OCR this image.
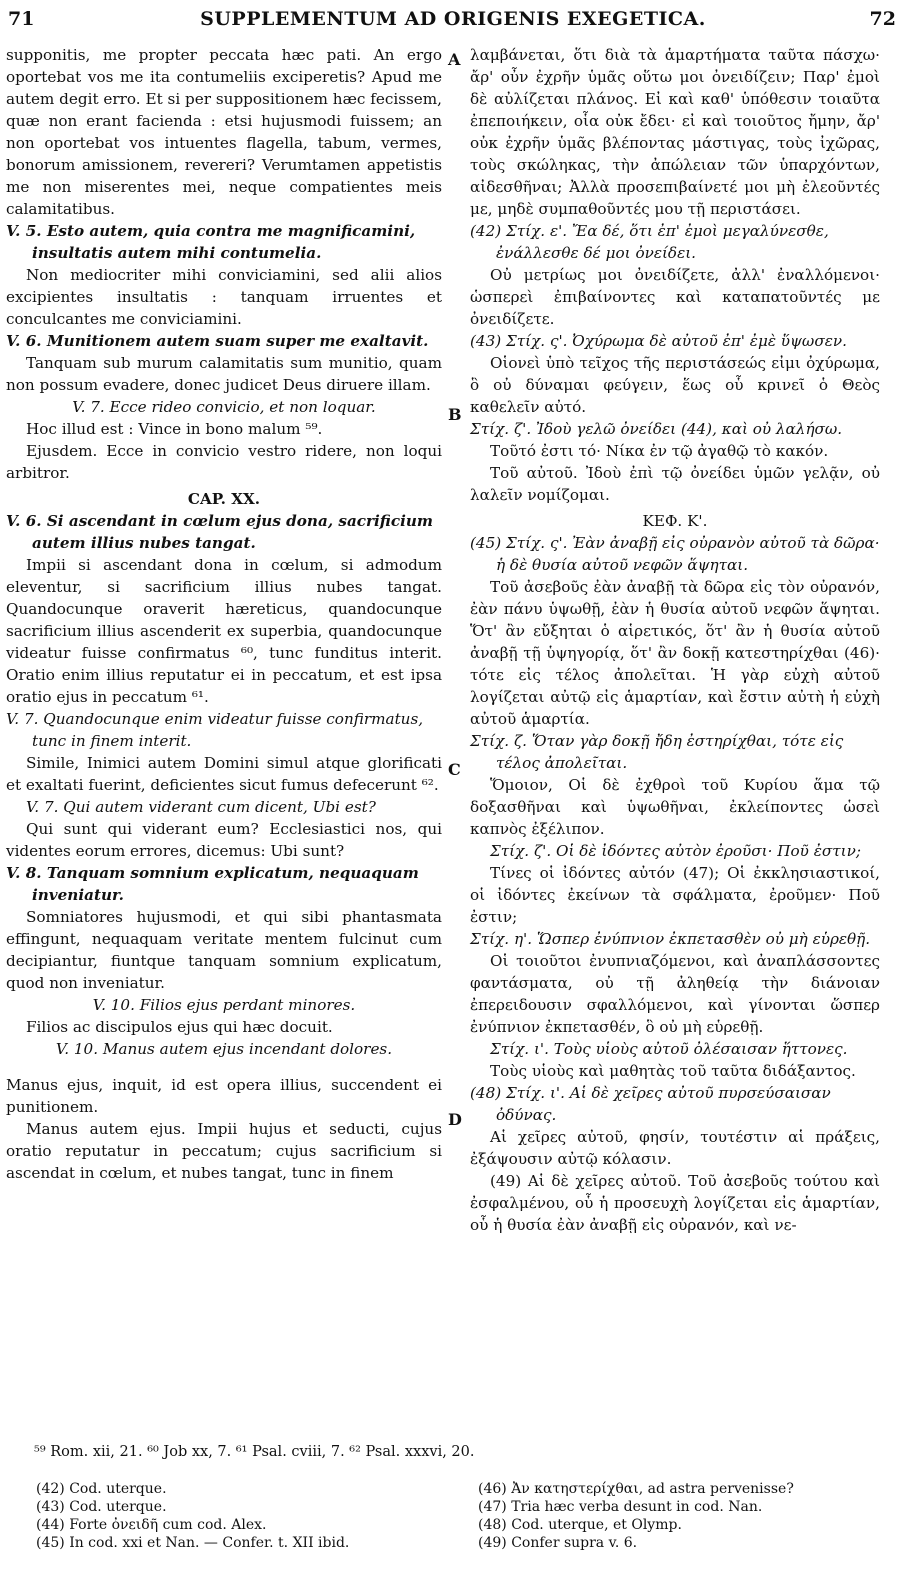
71	SUPPLEMENTUM AD ORIGENIS EXEGETICA.	72
A
B
C
D

supponitis, me propter peccata hæc pati. An ergo oportebat vos me ita contumeliis exciperetis? Apud me autem degit erro. Et si per suppositionem hæc fecissem, quæ non erant facienda : etsi hujusmodi fuissem; an non oportebat vos intuentes flagella, tabum, vermes, bonorum amissionem, revereri? Verumtamen appetistis me non miserentes mei, neque compatientes meis calamitatibus.

V. 5. Esto autem, quia contra me magnificamini, insultatis autem mihi contumelia.

Non mediocriter mihi conviciamini, sed alii alios excipientes insultatis : tanquam irruentes et conculcantes me conviciamini.

V. 6. Munitionem autem suam super me exaltavit.

Tanquam sub murum calamitatis sum munitio, quam non possum evadere, donec judicet Deus diruere illam.

V. 7. Ecce rideo convicio, et non loquar.

Hoc illud est : Vince in bono malum ⁵⁹.

Ejusdem. Ecce in convicio vestro ridere, non loqui arbitror.

CAP. XX.

V. 6. Si ascendant in cœlum ejus dona, sacrificium autem illius nubes tangat.

Impii si ascendant dona in cœlum, si admodum eleventur, si sacrificium illius nubes tangat. Quandocunque oraverit hæreticus, quandocunque sacrificium illius ascenderit ex superbia, quandocunque videatur fuisse confirmatus ⁶⁰, tunc funditus interit. Oratio enim illius reputatur ei in peccatum, et est ipsa oratio ejus in peccatum ⁶¹.

V. 7. Quandocunque enim videatur fuisse confirmatus, tunc in finem interit.

Simile, Inimici autem Domini simul atque glorificati et exaltati fuerint, deficientes sicut fumus defecerunt ⁶².

V. 7. Qui autem viderant cum dicent, Ubi est?

Qui sunt qui viderant eum? Ecclesiastici nos, qui videntes eorum errores, dicemus: Ubi sunt?

V. 8. Tanquam somnium explicatum, nequaquam inveniatur.

Somniatores hujusmodi, et qui sibi phantasmata effingunt, nequaquam veritate mentem fulcinut cum decipiantur, fiuntque tanquam somnium explicatum, quod non inveniatur.

V. 10. Filios ejus perdant minores.

Filios ac discipulos ejus qui hæc docuit.

V. 10. Manus autem ejus incendant dolores.

Manus ejus, inquit, id est opera illius, succendent ei punitionem.

Manus autem ejus. Impii hujus et seducti, cujus oratio reputatur in peccatum; cujus sacrificium si ascendat in cœlum, et nubes tangat, tunc in finem

λαμβάνεται, ὅτι διὰ τὰ ἁμαρτήματα ταῦτα πάσχω· ἄρ' οὖν ἐχρῆν ὑμᾶς οὕτω μοι ὀνειδίζειν; Παρ' ἐμοὶ δὲ αὐλίζεται πλάνος. Εἰ καὶ καθ' ὑπόθεσιν τοιαῦτα ἐπεποιήκειν, οἷα οὐκ ἔδει· εἰ καὶ τοιοῦτος ἤμην, ἄρ' οὐκ ἐχρῆν ὑμᾶς βλέποντας μάστιγας, τοὺς ἰχῶρας, τοὺς σκώληκας, τὴν ἀπώλειαν τῶν ὑπαρχόντων, αἰδεσθῆναι; Ἀλλὰ προσεπιβαίνετέ μοι μὴ ἐλεοῦντές με, μηδὲ συμπαθοῦντές μου τῇ περιστάσει.

(42) Στίχ. ε'. Ἔα δέ, ὅτι ἐπ' ἐμοὶ μεγαλύνεσθε, ἐνάλλεσθε δέ μοι ὀνείδει.

Οὐ μετρίως μοι ὀνειδίζετε, ἀλλ' ἐναλλόμενοι· ὡσπερεὶ ἐπιβαίνοντες καὶ καταπατοῦντές με ὀνειδίζετε.

(43) Στίχ. ς'. Ὀχύρωμα δὲ αὐτοῦ ἐπ' ἐμὲ ὕψωσεν.

Οἱονεὶ ὑπὸ τεῖχος τῆς περιστάσεώς εἰμι ὀχύρωμα, ὃ οὐ δύναμαι φεύγειν, ἕως οὗ κρινεῖ ὁ Θεὸς καθελεῖν αὐτό.

Στίχ. ζ'. Ἰδοὺ γελῶ ὀνείδει (44), καὶ οὐ λαλήσω.

Τοῦτό ἐστι τό· Νίκα ἐν τῷ ἀγαθῷ τὸ κακόν.

Τοῦ αὐτοῦ. Ἰδοὺ ἐπὶ τῷ ὀνείδει ὑμῶν γελᾷν, οὐ λαλεῖν νομίζομαι.

ΚΕΦ. Κ'.

(45) Στίχ. ς'. Ἐὰν ἀναβῇ εἰς οὐρανὸν αὐτοῦ τὰ δῶρα· ἡ δὲ θυσία αὐτοῦ νεφῶν ἅψηται.

Τοῦ ἀσεβοῦς ἐὰν ἀναβῇ τὰ δῶρα εἰς τὸν οὐρανόν, ἐὰν πάνυ ὑψωθῇ, ἐὰν ἡ θυσία αὐτοῦ νεφῶν ἅψηται. Ὅτ' ἂν εὔξηται ὁ αἱρετικός, ὅτ' ἂν ἡ θυσία αὐτοῦ ἀναβῇ τῇ ὑψηγορίᾳ, ὅτ' ἂν δοκῇ κατεστηρίχθαι (46)· τότε εἰς τέλος ἀπολεῖται. Ἡ γὰρ εὐχὴ αὐτοῦ λογίζεται αὐτῷ εἰς ἁμαρτίαν, καὶ ἔστιν αὐτὴ ἡ εὐχὴ αὐτοῦ ἁμαρτία.

Στίχ. ζ. Ὅταν γὰρ δοκῇ ἤδη ἐστηρίχθαι, τότε εἰς τέλος ἀπολεῖται.

Ὅμοιον, Οἱ δὲ ἐχθροὶ τοῦ Κυρίου ἅμα τῷ δοξασθῆναι καὶ ὑψωθῆναι, ἐκλείποντες ὡσεὶ καπνὸς ἐξέλιπον.

Στίχ. ζ'. Οἱ δὲ ἰδόντες αὐτὸν ἐροῦσι· Ποῦ ἐστιν;

Τίνες οἱ ἰδόντες αὐτόν (47); Οἱ ἐκκλησιαστικοί, οἱ ἰδόντες ἐκείνων τὰ σφάλματα, ἐροῦμεν· Ποῦ ἐστιν;

Στίχ. η'. Ὥσπερ ἐνύπνιον ἐκπετασθὲν οὐ μὴ εὑρεθῇ.

Οἱ τοιοῦτοι ἐνυπνιαζόμενοι, καὶ ἀναπλάσσοντες φαντάσματα, οὐ τῇ ἀληθείᾳ τὴν διάνοιαν ἐπερειδουσιν σφαλλόμενοι, καὶ γίνονται ὥσπερ ἐνύπνιον ἐκπετασθέν, ὃ οὐ μὴ εὑρεθῇ.

Στίχ. ι'. Τοὺς υἱοὺς αὐτοῦ ὀλέσαισαν ἥττονες.

Τοὺς υἱοὺς καὶ μαθητὰς τοῦ ταῦτα διδάξαντος.

(48) Στίχ. ι'. Αἱ δὲ χεῖρες αὐτοῦ πυρσεύσαισαν ὀδύνας.

Αἱ χεῖρες αὐτοῦ, φησίν, τουτέστιν αἱ πράξεις, ἐξάψουσιν αὐτῷ κόλασιν.

(49) Αἱ δὲ χεῖρες αὐτοῦ. Τοῦ ἀσεβοῦς τούτου καὶ ἐσφαλμένου, οὗ ἡ προσευχὴ λογίζεται εἰς ἁμαρτίαν, οὗ ἡ θυσία ἐὰν ἀναβῇ εἰς οὐρανόν, καὶ νε-

⁵⁹ Rom. xii, 21. ⁶⁰ Job xx, 7. ⁶¹ Psal. cviii, 7. ⁶² Psal. xxxvi, 20.
(42) Cod. uterque.
(43) Cod. uterque.
(44) Forte ὀνειδῆ cum cod. Alex.
(45) In cod. xxi et Nan. — Confer. t. XII ibid.
(46) Ἀν κατηστερίχθαι, ad astra pervenisse?
(47) Tria hæc verba desunt in cod. Nan.
(48) Cod. uterque, et Olymp.
(49) Confer supra v. 6.
